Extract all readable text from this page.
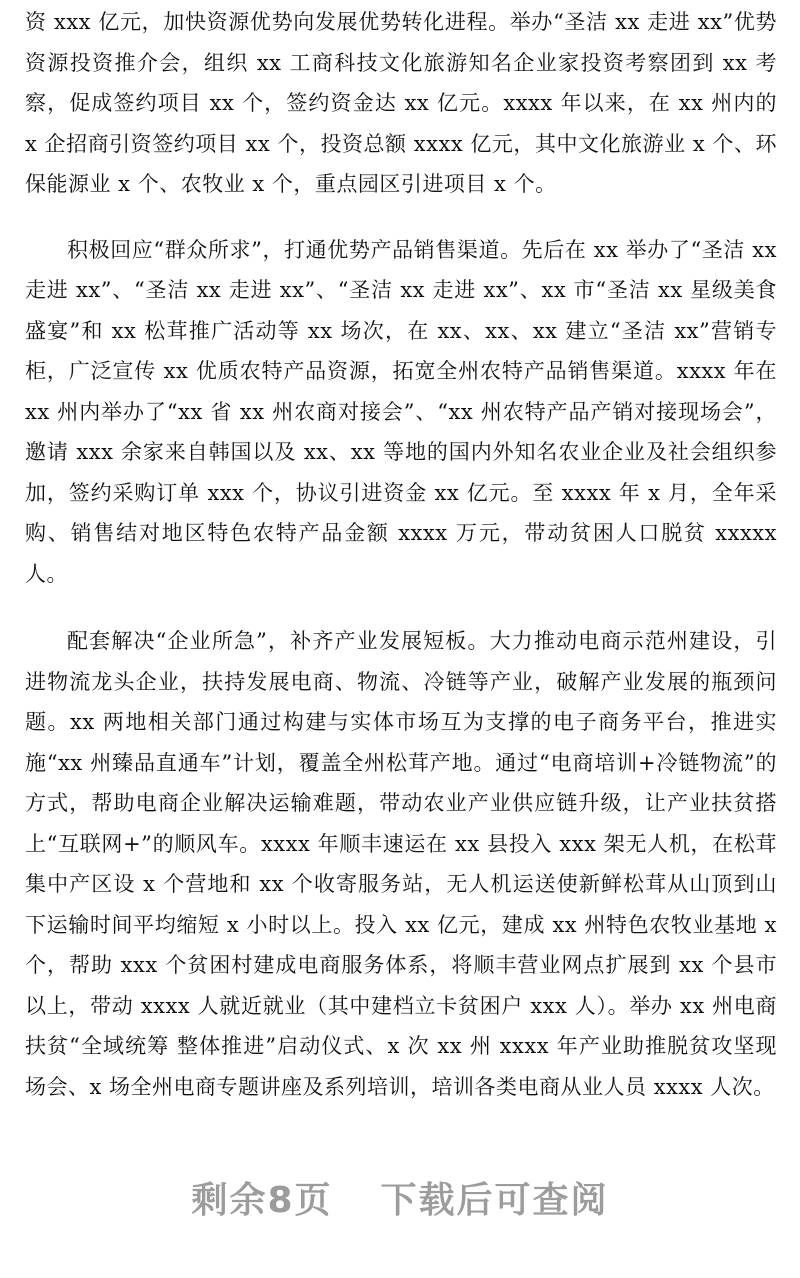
资 xxx 亿元，加快资源优势向发展优势转化进程。举办“圣洁 xx 走进 xx”优势资源投资推介会，组织 xx 工商科技文化旅游知名企业家投资考察团到 xx 考察，促成签约项目 xx 个，签约资金达 xx 亿元。xxxx 年以来，在 xx 州内的 x 企招商引资签约项目 xx 个，投资总额 xxxx 亿元，其中文化旅游业 x 个、环保能源业 x 个、农牧业 x 个，重点园区引进项目 x 个。

积极回应“群众所求”，打通优势产品销售渠道。先后在 xx 举办了“圣洁 xx 走进 xx”、“圣洁 xx 走进 xx”、“圣洁 xx 走进 xx”、xx 市“圣洁 xx 星级美食盛宴”和 xx 松茸推广活动等 xx 场次，在 xx、xx、xx 建立“圣洁 xx”营销专柜，广泛宣传 xx 优质农特产品资源，拓宽全州农特产品销售渠道。xxxx 年在 xx 州内举办了“xx 省 xx 州农商对接会”、“xx 州农特产品产销对接现场会”，邀请 xxx 余家来自韩国以及 xx、xx 等地的国内外知名农业企业及社会组织参加，签约采购订单 xxx 个，协议引进资金 xx 亿元。至 xxxx 年 x 月，全年采购、销售结对地区特色农特产品金额 xxxx 万元，带动贫困人口脱贫 xxxxx 人。

配套解决“企业所急”，补齐产业发展短板。大力推动电商示范州建设，引进物流龙头企业，扶持发展电商、物流、冷链等产业，破解产业发展的瓶颈问题。xx 两地相关部门通过构建与实体市场互为支撑的电子商务平台，推进实施“xx 州臻品直通车”计划，覆盖全州松茸产地。通过“电商培训+冷链物流”的方式，帮助电商企业解决运输难题，带动农业产业供应链升级，让产业扶贫搭上“互联网+”的顺风车。xxxx 年顺丰速运在 xx 县投入 xxx 架无人机，在松茸集中产区设 x 个营地和 xx 个收寄服务站，无人机运送使新鲜松茸从山顶到山下运输时间平均缩短 x 小时以上。投入 xx 亿元，建成 xx 州特色农牧业基地 x 个，帮助 xxx 个贫困村建成电商服务体系，将顺丰营业网点扩展到 xx 个县市以上，带动 xxxx 人就近就业（其中建档立卡贫困户 xxx 人）。举办 xx 州电商扶贫“全域统筹 整体推进”启动仪式、x 次 xx 州 xxxx 年产业助推脱贫攻坚现场会、x 场全州电商专题讲座及系列培训，培训各类电商从业人员 xxxx 人次。

剩余8页 下载后可查阅
